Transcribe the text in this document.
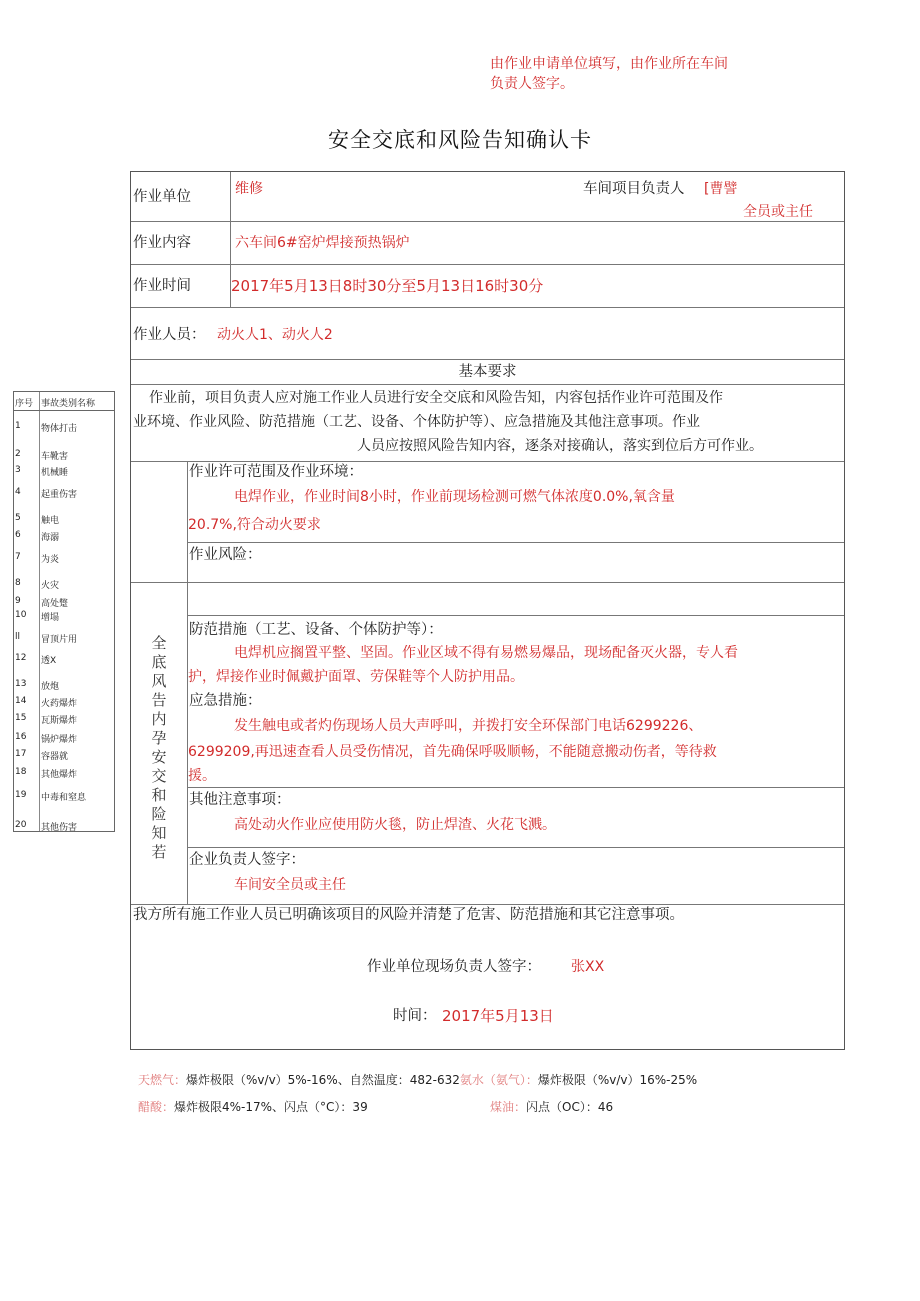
由作业申请单位填写，由作业所在车间
负责人签字。
安全交底和风险告知确认卡
作业单位	维修	车间项目负责人 [曹譬
全员或主任
作业内容	六车间6#窑炉焊接预热锅炉
作业时间	2017年5月13日8时30分至5月13日16时30分
作业人员： 动火人1、动火人2
基本要求
作业前，项目负责人应对施工作业人员进行安全交底和风险告知，内容包括作业许可范围及作
业环境、作业风险、防范措施（工艺、设备、个体防护等）、应急措施及其他注意事项。作业
人员应按照风险告知内容，逐条对接确认，落实到位后方可作业。
全底风告内孕安交和险知若
作业许可范围及作业环境：
电焊作业，作业时间8小时，作业前现场检测可燃气体浓度0.0%,氧含量
20.7%,符合动火要求
作业风险：
防范措施（工艺、设备、个体防护等）：
电焊机应搁置平整、坚固。作业区域不得有易燃易爆品，现场配备灭火器，专人看
护，焊接作业时佩戴护面罩、劳保鞋等个人防护用品。
应急措施：
发生触电或者灼伤现场人员大声呼叫，并拨打安全环保部门电话6299226、
6299209,再迅速查看人员受伤情况，首先确保呼吸顺畅，不能随意搬动伤者，等待救
援。
其他注意事项：
高处动火作业应使用防火毯，防止焊渣、火花飞溅。
企业负责人签字：
车间安全员或主任
我方所有施工作业人员已明确该项目的风险并清楚了危害、防范措施和其它注意事项。
作业单位现场负责人签字： 张XX
时间： 2017年5月13日
序号 事故类别名称
1	物体打击
2	车靴害
3	机械睡
4	起重伤害
5	触电
6	海溺
7	为炎
8	火灾
9	高处蹩
10	增塌
ll	冒顶片用
12	透X
13	放炮
14	火药爆炸
15	瓦斯爆炸
16	锅炉爆炸
17	容器就
18	其他爆炸
19	中毒和窒息
20	其他伤害
天燃气：爆炸极限（%v/v）5%-16%、自然温度：482-632氨水（氨气）：爆炸极限（%v/v）16%-25%
醋酸：爆炸极限4%-17%、闪点（°C）：39	煤油：闪点（OC）：46
